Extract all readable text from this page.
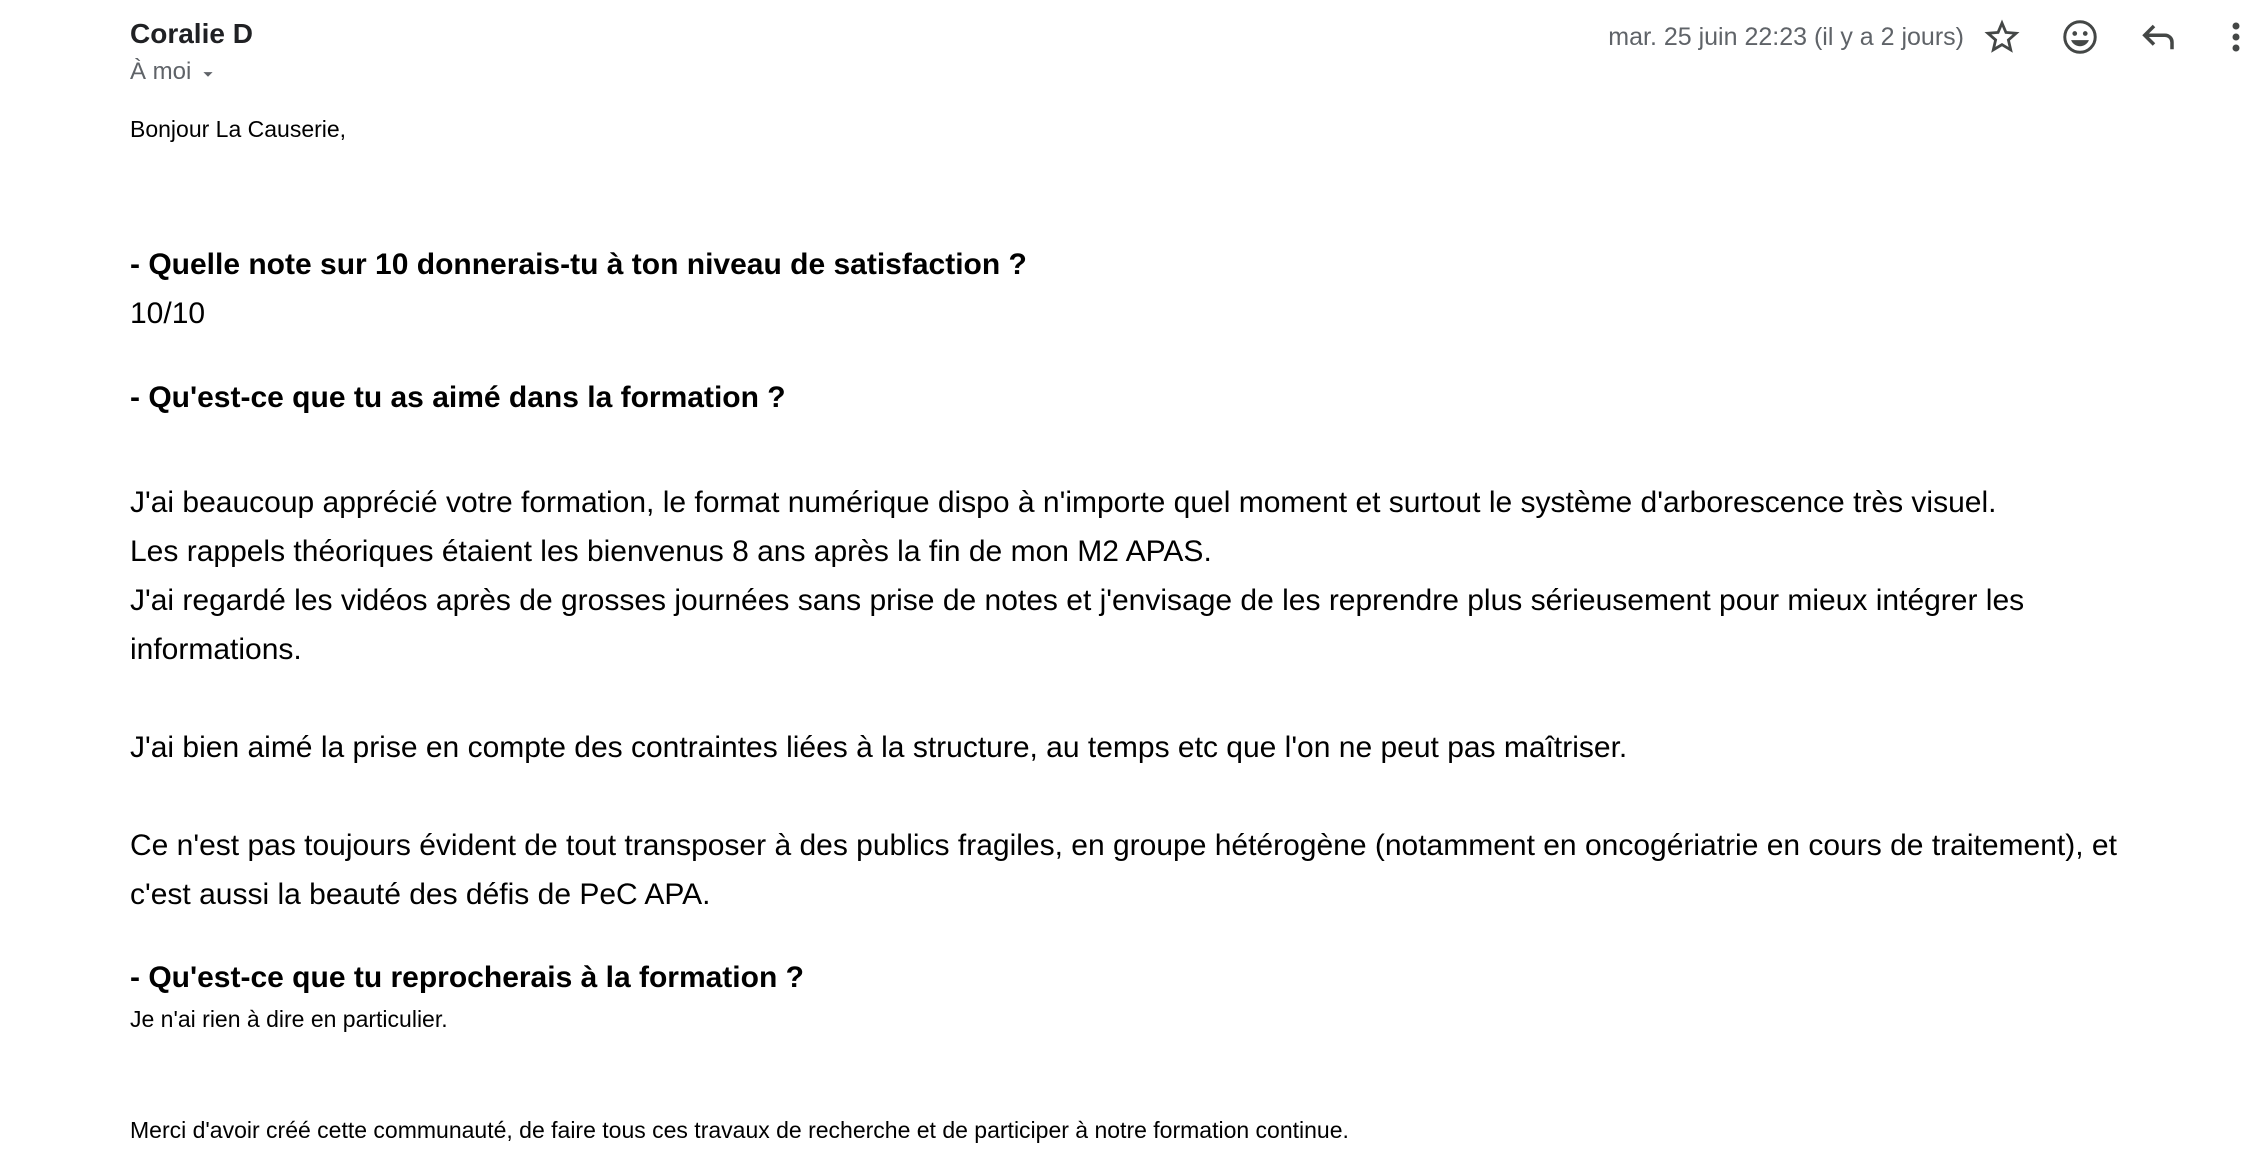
Coralie D
À moi
mar. 25 juin 22:23 (il y a 2 jours)
Bonjour La Causerie,
- Quelle note sur 10 donnerais-tu à ton niveau de satisfaction ?
10/10
- Qu'est-ce que tu as aimé dans la formation ?
J'ai beaucoup apprécié votre formation, le format numérique dispo à n'importe quel moment et surtout le système d'arborescence très visuel.
Les rappels théoriques étaient les bienvenus 8 ans après la fin de mon M2 APAS.
J'ai regardé les vidéos après de grosses journées sans prise de notes et j'envisage de les reprendre plus sérieusement pour mieux intégrer les
informations.
J'ai bien aimé la prise en compte des contraintes liées à la structure, au temps etc que l'on ne peut pas maîtriser.
Ce n'est pas toujours évident de tout transposer à des publics fragiles, en groupe hétérogène (notamment en oncogériatrie en cours de traitement), et
c'est aussi la beauté des défis de PeC APA.
- Qu'est-ce que tu reprocherais à la formation ?
Je n'ai rien à dire en particulier.
Merci d'avoir créé cette communauté, de faire tous ces travaux de recherche et de participer à notre formation continue.
